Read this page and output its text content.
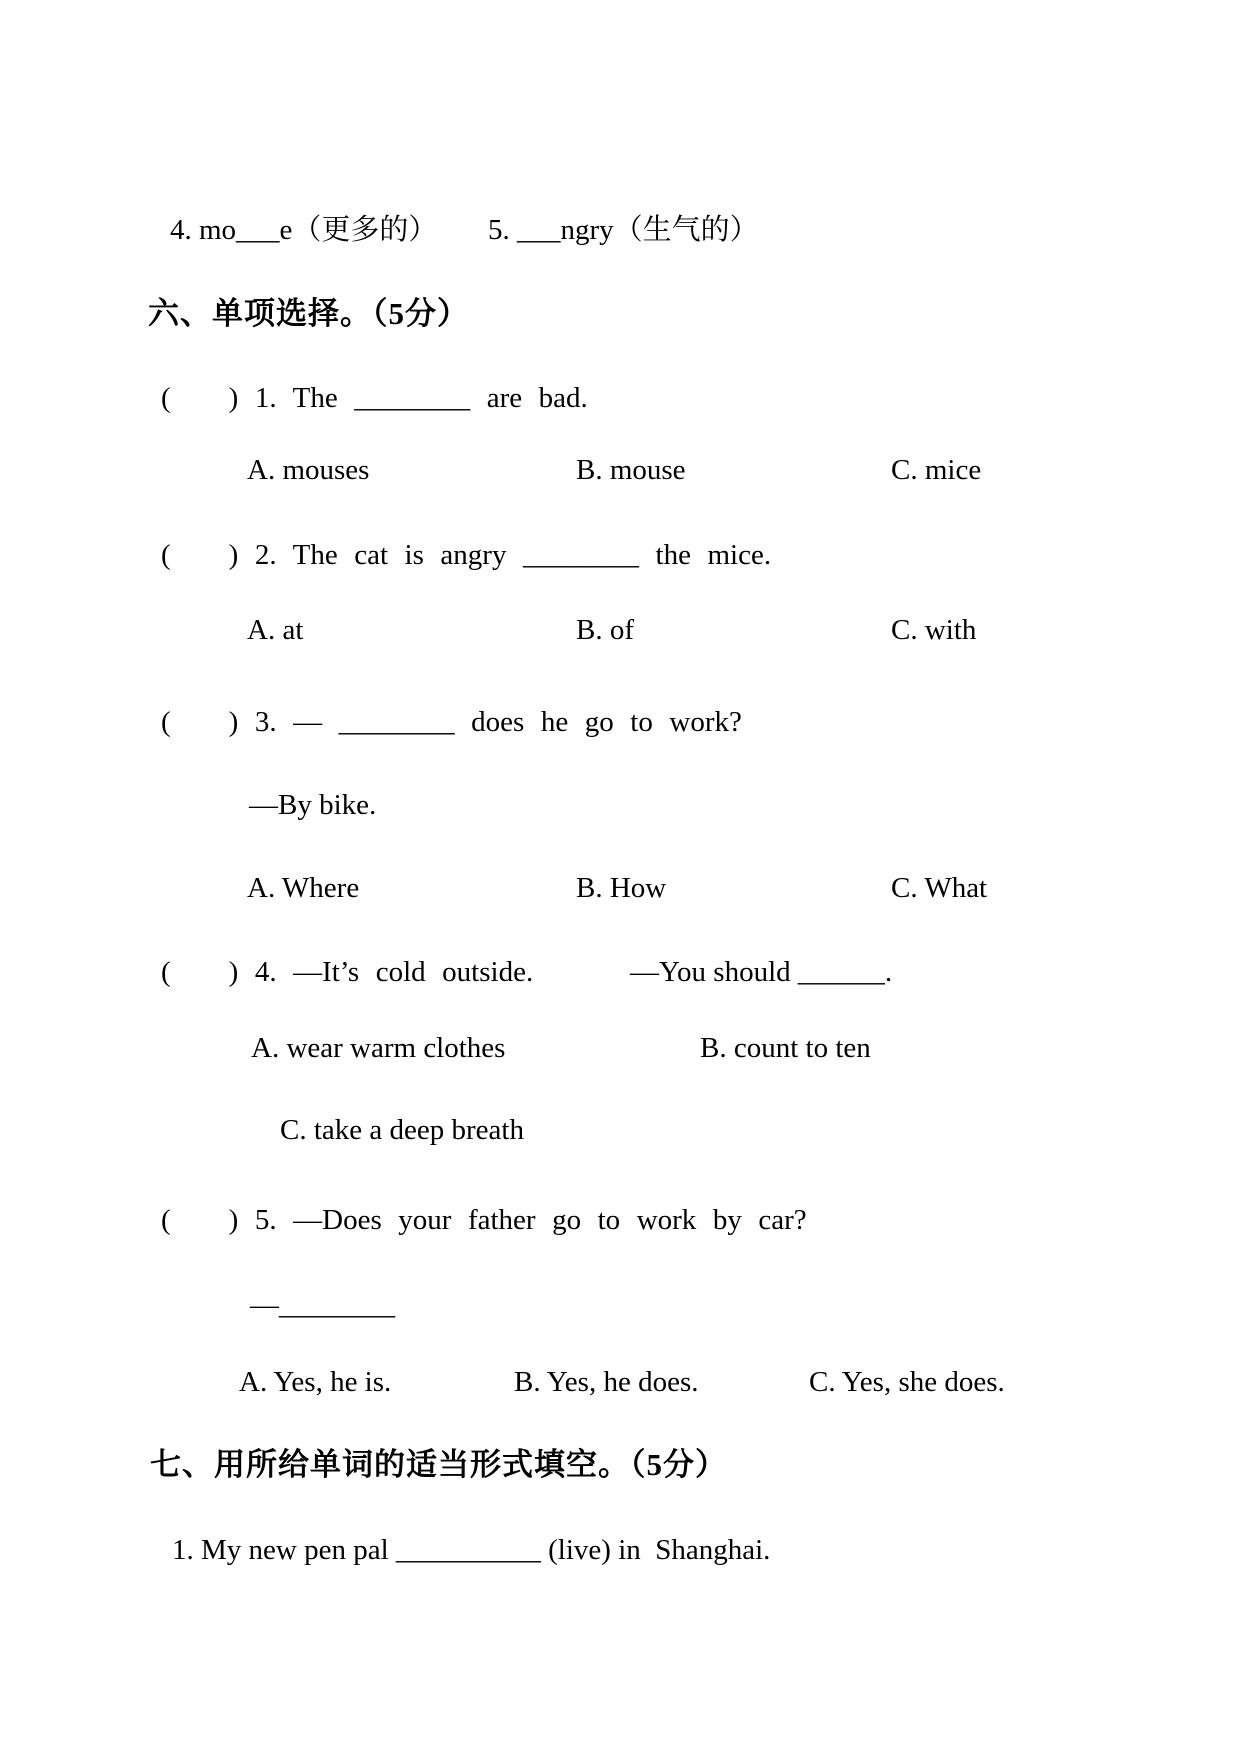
4. mo___e（更多的） 5. ___ngry（生气的）
六、单项选择。（5分）
(　　) 1. The ________ are bad.
A. mouses	B. mouse	C. mice
(　　) 2. The cat is angry ________ the mice.
A. at	B. of	C. with
(　　) 3. — ________ does he go to work?
—By bike.
A. Where	B. How	C. What
(　　) 4. —It’s cold outside.	—You should ______.
A. wear warm clothes	B. count to ten
C. take a deep breath
(　　) 5. —Does your father go to work by car?
—________
A. Yes, he is.	B. Yes, he does.	C. Yes, she does.
七、用所给单词的适当形式填空。（5分）
1. My new pen pal __________ (live) in  Shanghai.
